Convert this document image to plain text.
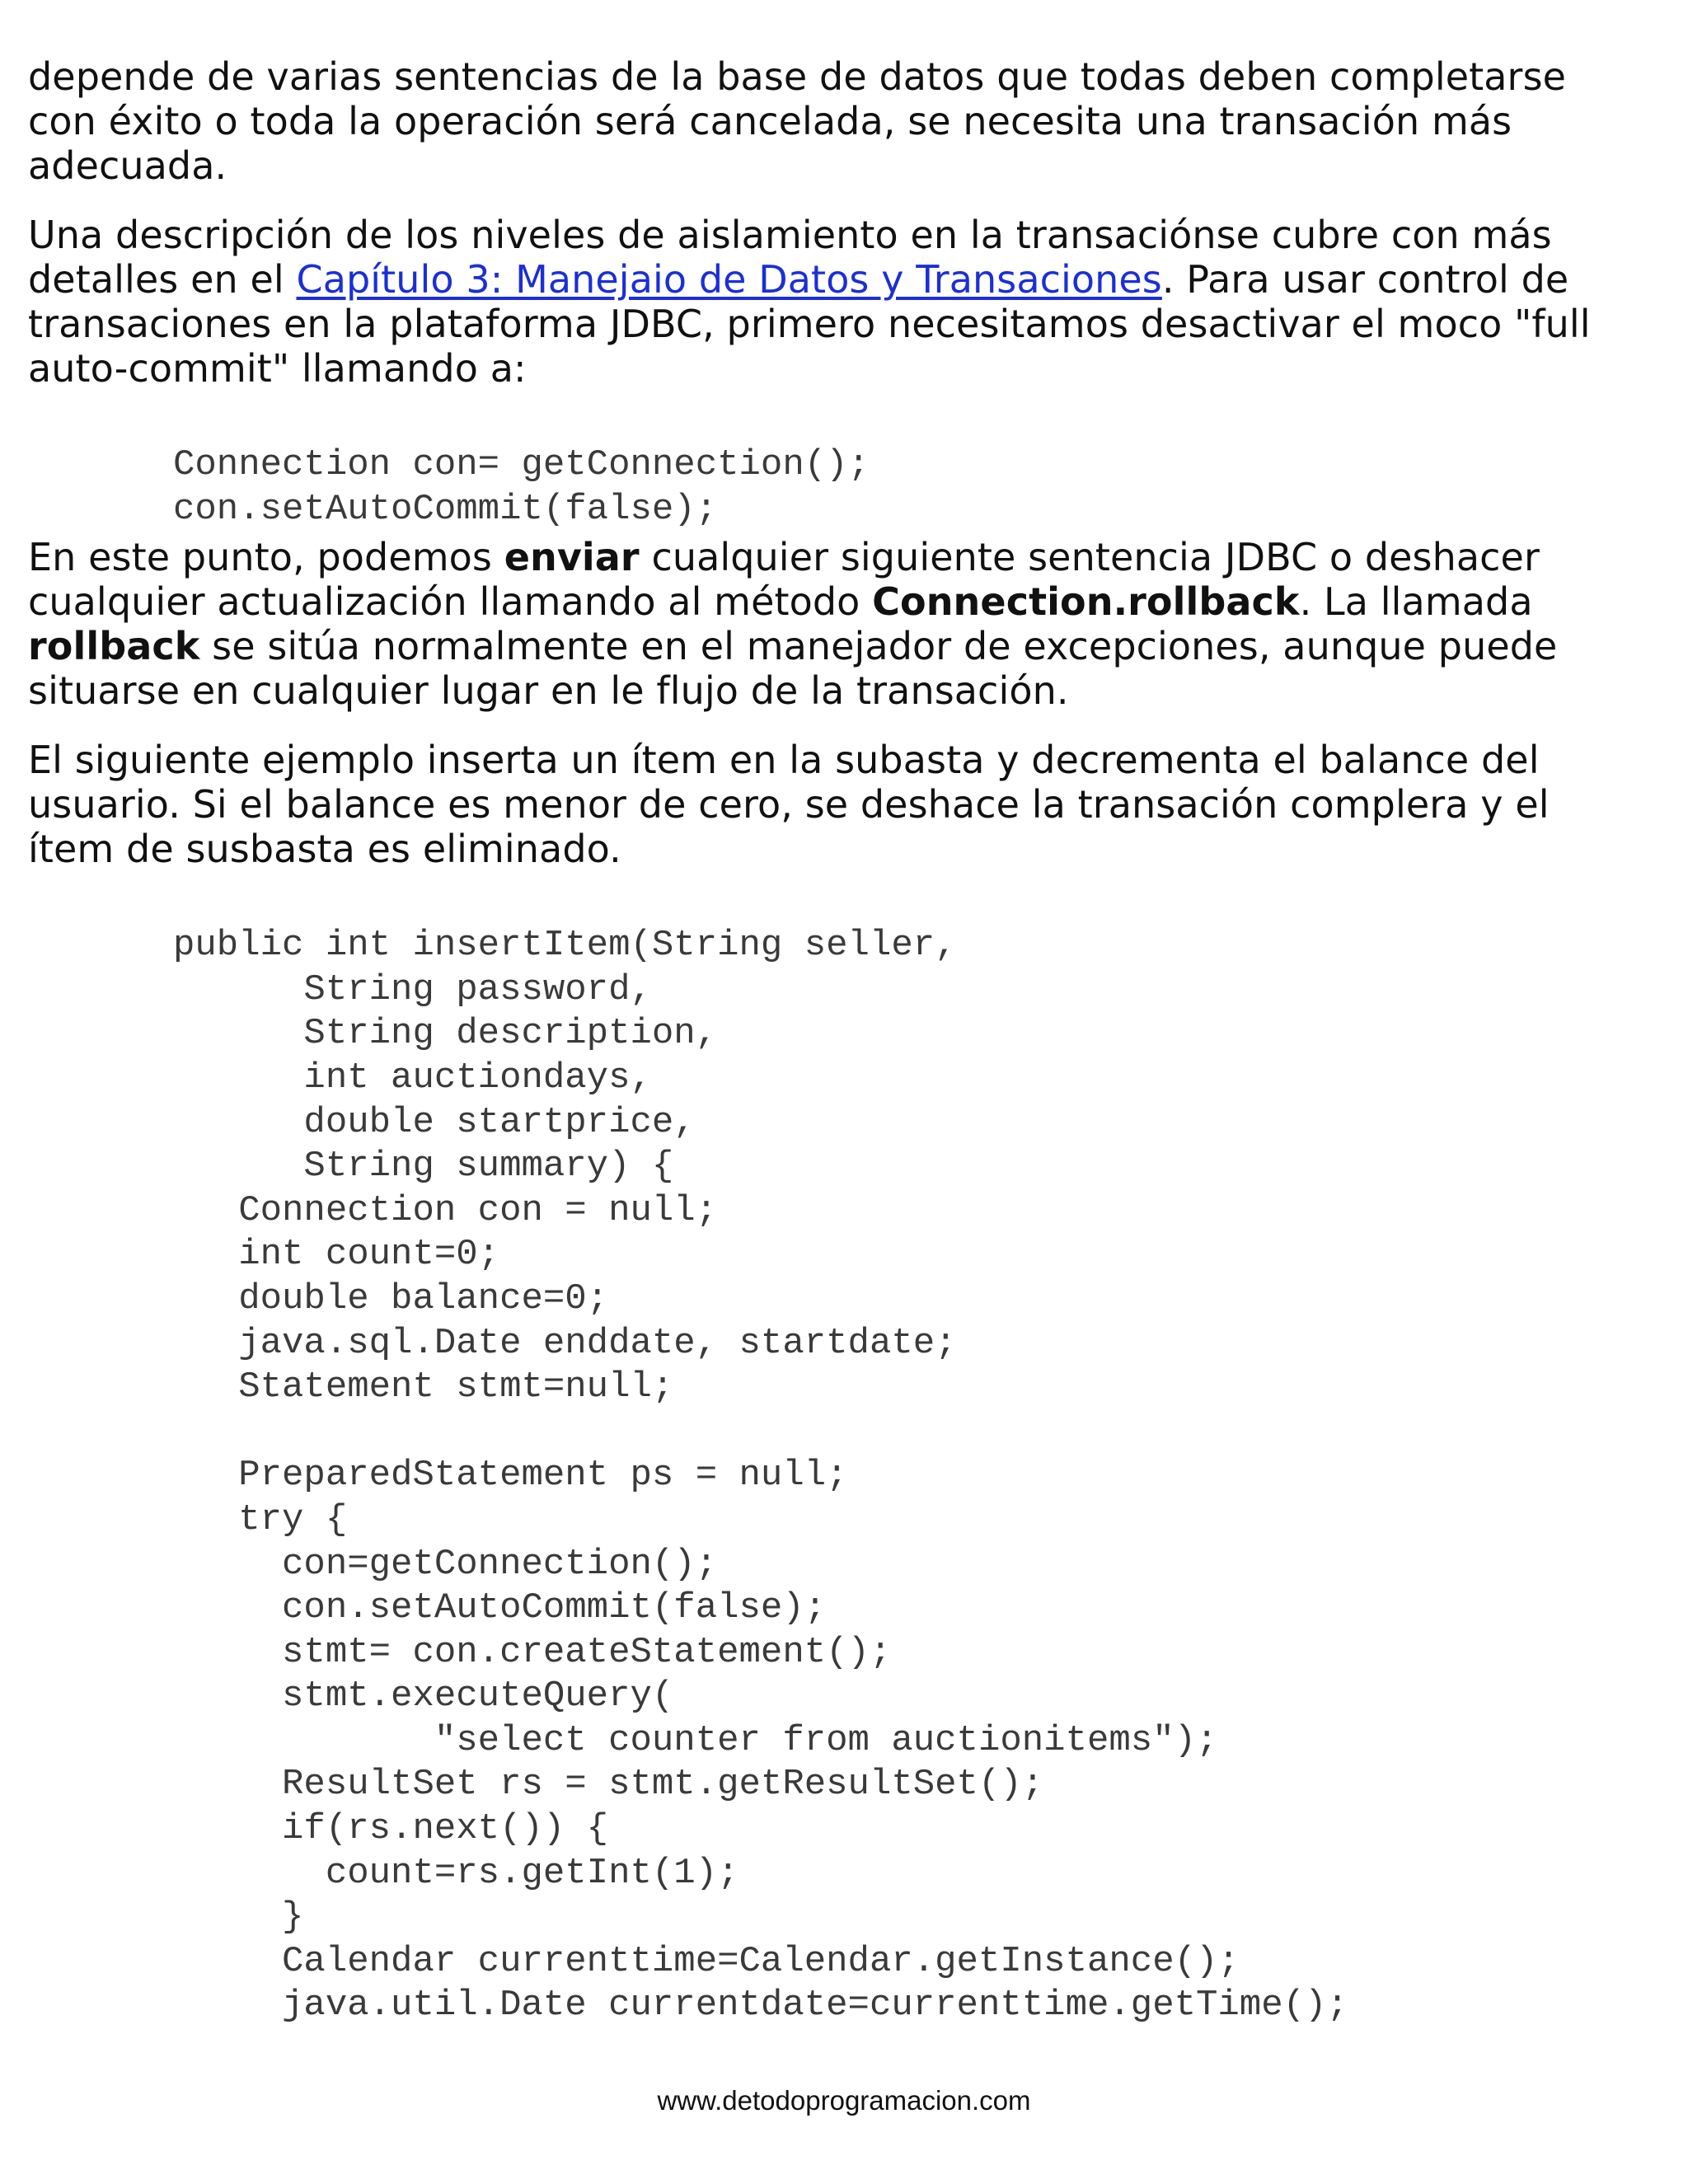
depende de varias sentencias de la base de datos que todas deben completarse
con éxito o toda la operación será cancelada, se necesita una transación más
adecuada.

Una descripción de los niveles de aislamiento en la transaciónse cubre con más
detalles en el Capítulo 3: Manejaio de Datos y Transaciones. Para usar control de
transaciones en la plataforma JDBC, primero necesitamos desactivar el moco "full
auto-commit" llamando a:

Connection con= getConnection();
con.setAutoCommit(false);

En este punto, podemos enviar cualquier siguiente sentencia JDBC o deshacer
cualquier actualización llamando al método Connection.rollback. La llamada
rollback se sitúa normalmente en el manejador de excepciones, aunque puede
situarse en cualquier lugar en le flujo de la transación.

El siguiente ejemplo inserta un ítem en la subasta y decrementa el balance del
usuario. Si el balance es menor de cero, se deshace la transación complera y el
ítem de susbasta es eliminado.

public int insertItem(String seller,
String password,
String description,
int auctiondays,
double startprice,
String summary) {
Connection con = null;
int count=0;
double balance=0;
java.sql.Date enddate, startdate;
Statement stmt=null;

PreparedStatement ps = null;
try {
con=getConnection();
con.setAutoCommit(false);
stmt= con.createStatement();
stmt.executeQuery(
"select counter from auctionitems");
ResultSet rs = stmt.getResultSet();
if(rs.next()) {
count=rs.getInt(1);
}
Calendar currenttime=Calendar.getInstance();
java.util.Date currentdate=currenttime.getTime();
www.detodoprogramacion.com
